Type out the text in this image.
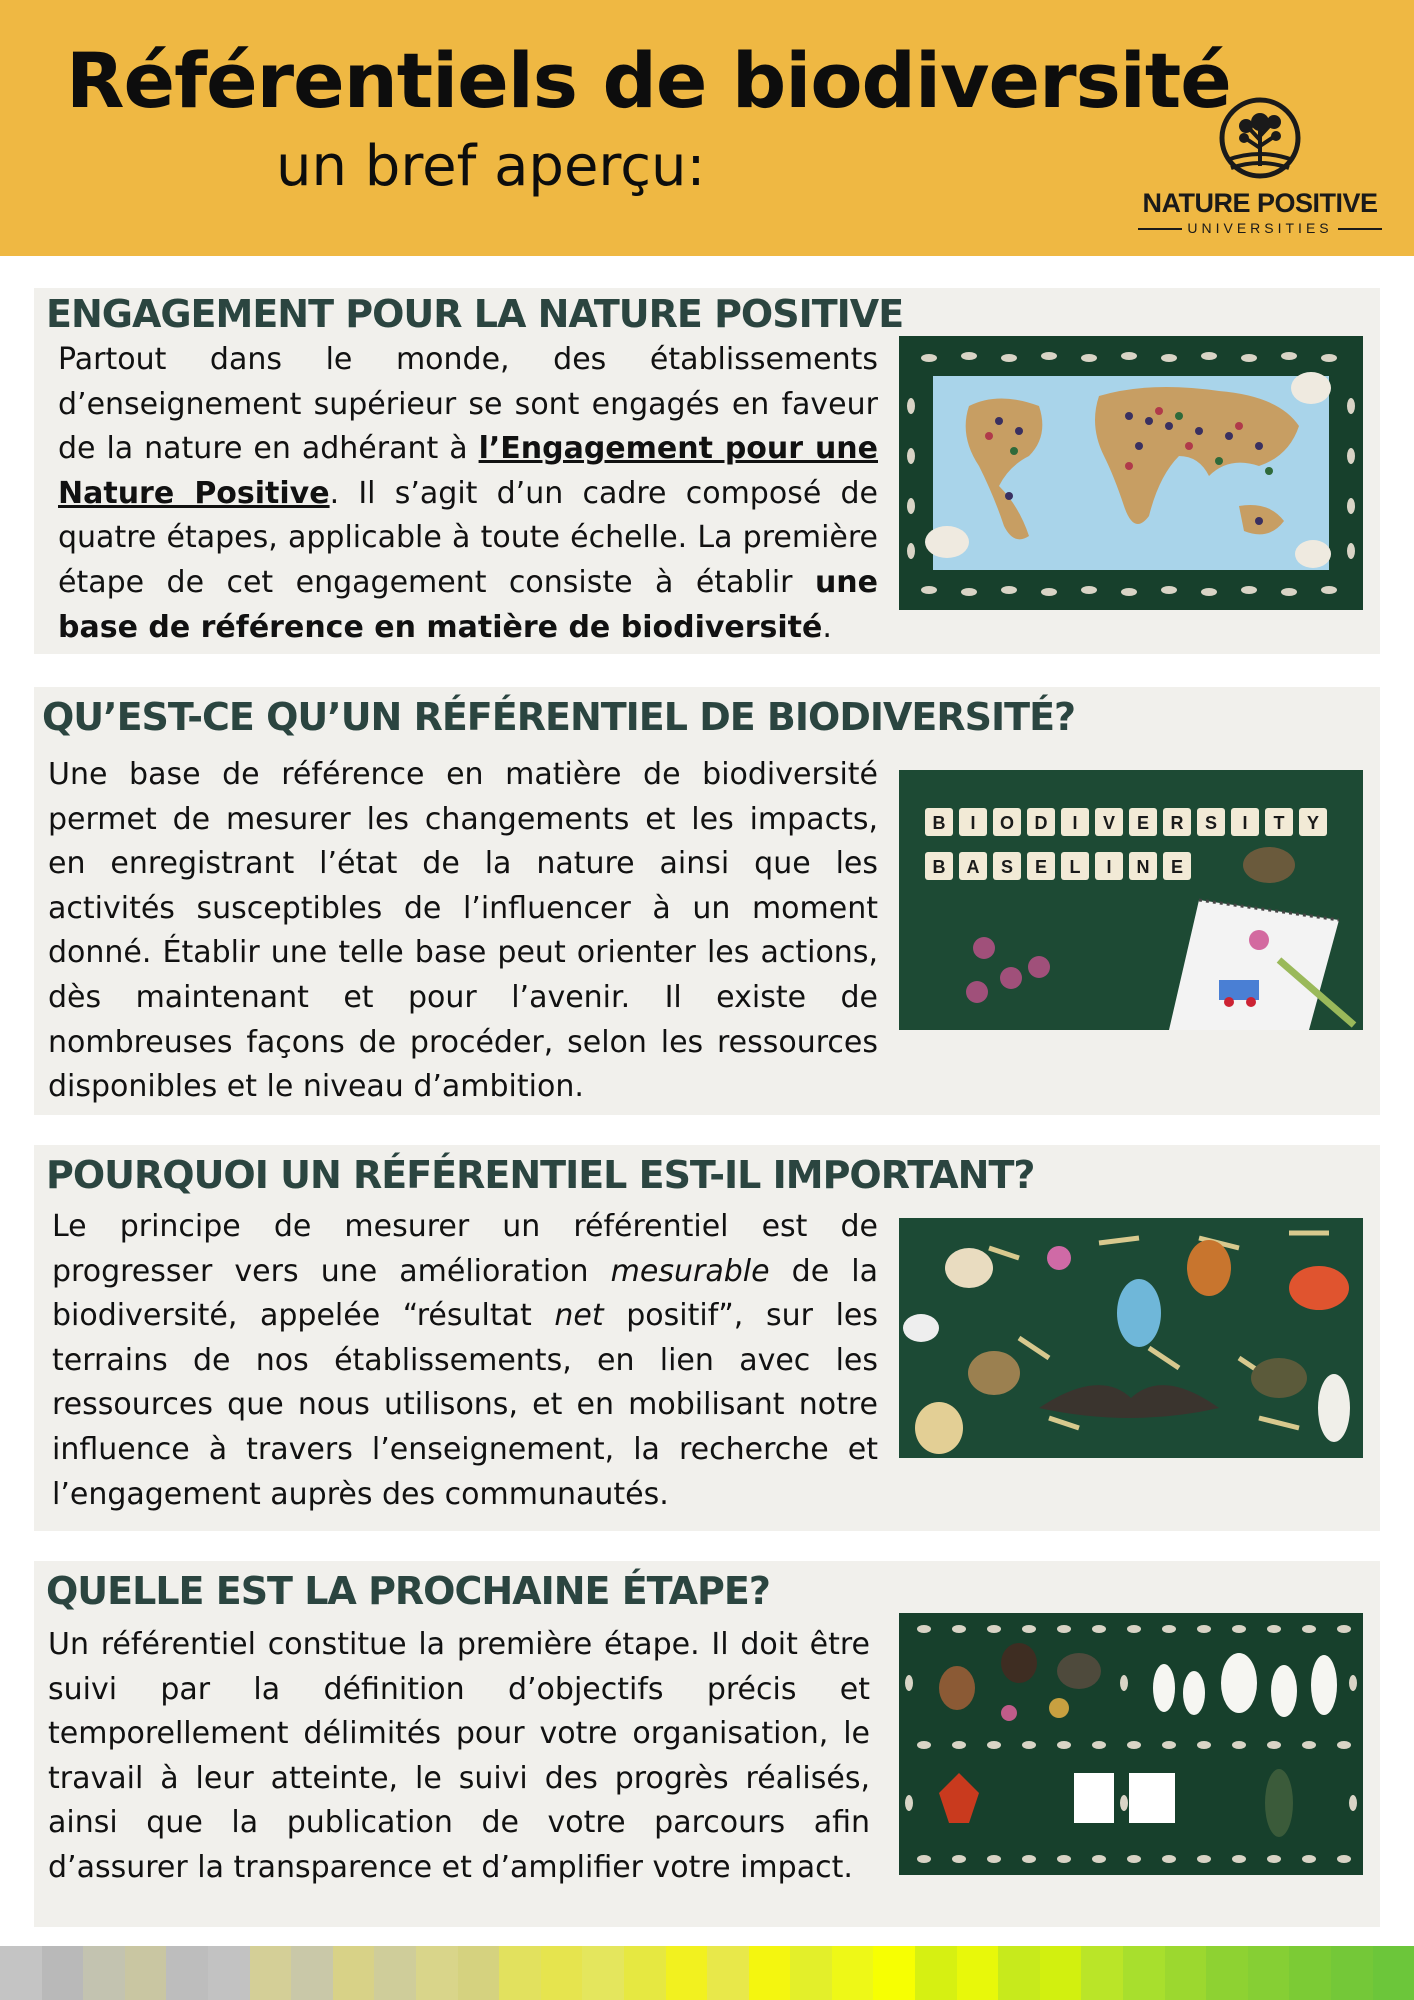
Référentiels de biodiversité
un bref aperçu:
NATURE POSITIVE
UNIVERSITIES
ENGAGEMENT POUR LA NATURE POSITIVE
Partout dans le monde, des établissements d’enseignement supérieur se sont engagés en faveur de la nature en adhérant à l’Engagement pour une Nature Positive. Il s’agit d’un cadre composé de quatre étapes, applicable à toute échelle. La première étape de cet engagement consiste à établir une base de référence en matière de biodiversité.
QU’EST-CE QU’UN RÉFÉRENTIEL DE BIODIVERSITÉ?
Une base de référence en matière de biodiversité permet de mesurer les changements et les impacts, en enregistrant l’état de la nature ainsi que les activités susceptibles de l’influencer à un moment donné. Établir une telle base peut orienter les actions, dès maintenant et pour l’avenir. Il existe de nombreuses façons de procéder, selon les ressources disponibles et le niveau d’ambition.
B I O D I V E R S I T Y
B A S E L I N E
POURQUOI UN RÉFÉRENTIEL EST-IL IMPORTANT?
Le principe de mesurer un référentiel est de progresser vers une amélioration mesurable de la biodiversité, appelée “résultat net positif”, sur les terrains de nos établissements, en lien avec les ressources que nous utilisons, et en mobilisant notre influence à travers l’enseignement, la recherche et l’engagement auprès des communautés.
QUELLE EST LA PROCHAINE ÉTAPE?
Un référentiel constitue la première étape. Il doit être suivi par la définition d’objectifs précis et temporellement délimités pour votre organisation, le travail à leur atteinte, le suivi des progrès réalisés, ainsi que la publication de votre parcours afin d’assurer la transparence et d’amplifier votre impact.
